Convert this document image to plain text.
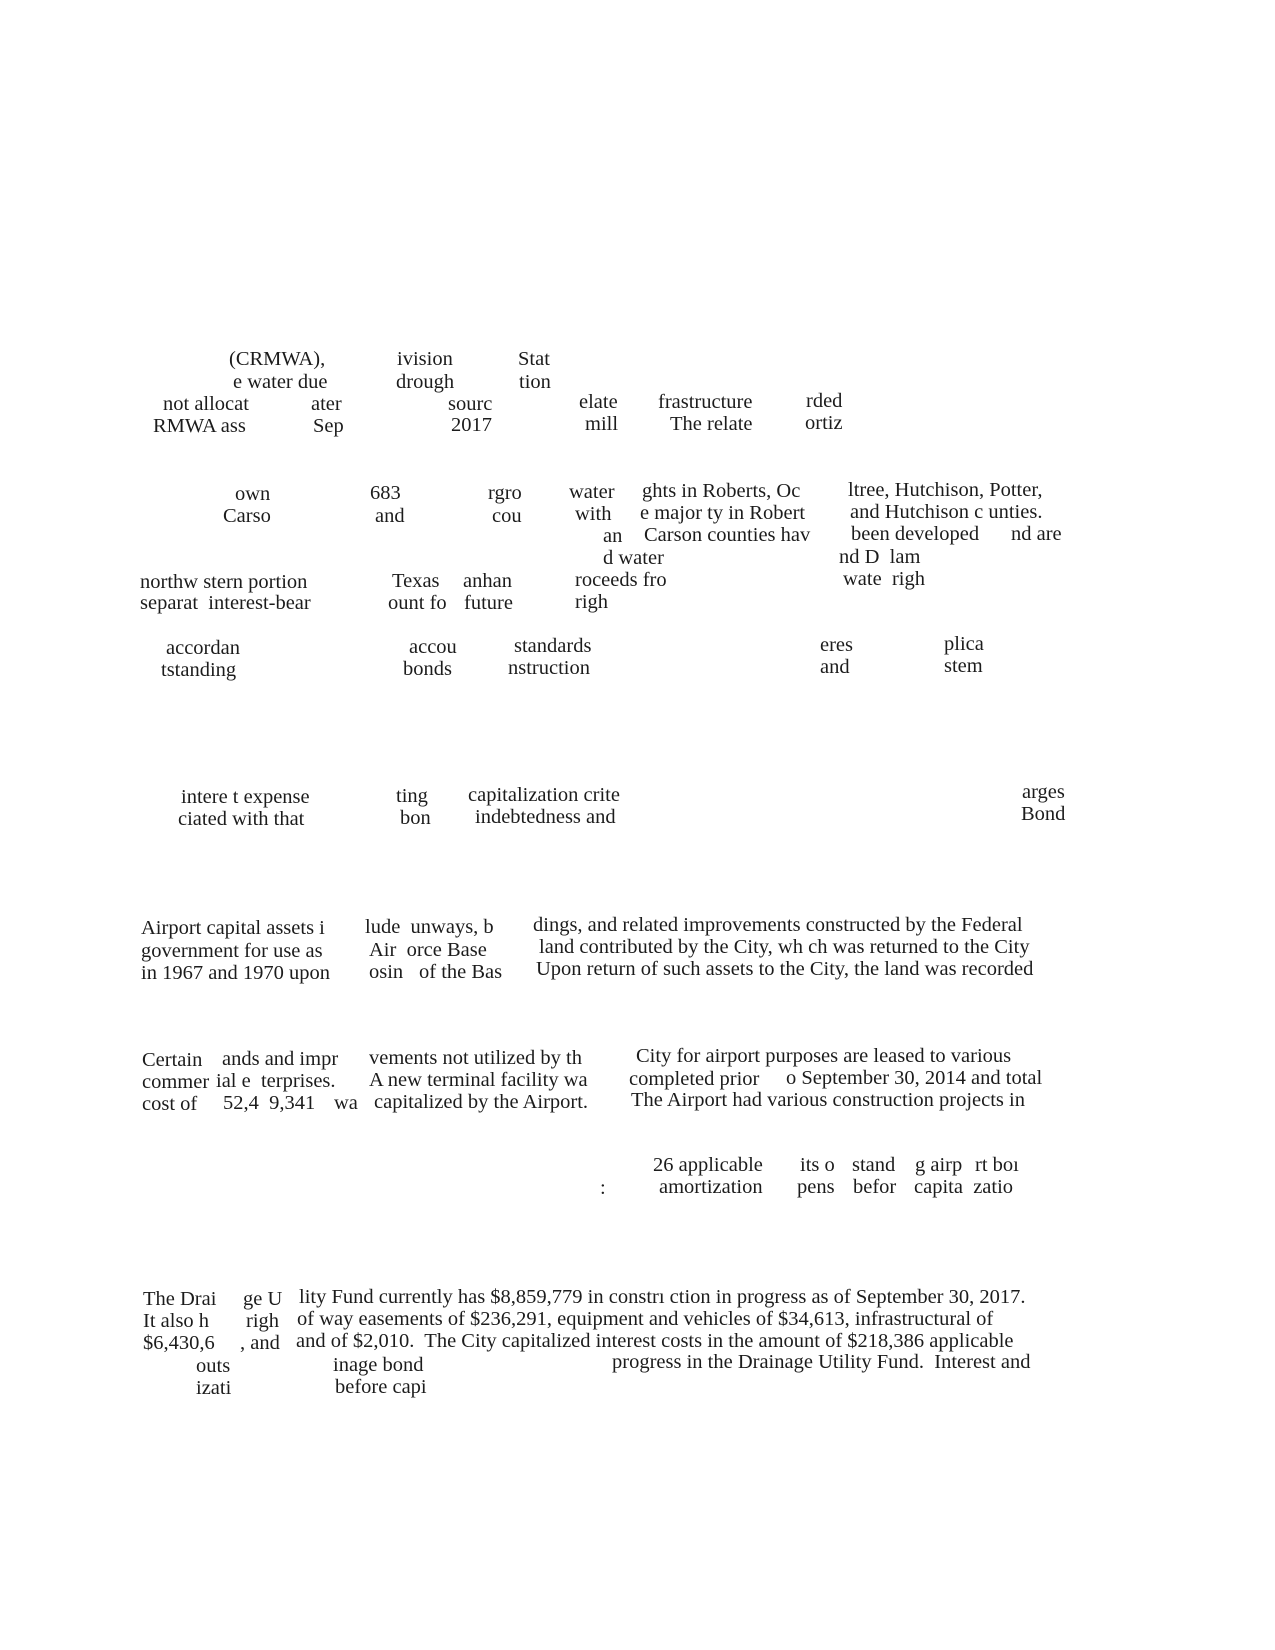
(CRMWA),	ivision	Stat
e water due	drough	tion
not allocat	ater	sourc	elate frastructure	rded
RMWA ass	Sep	2017	mill	The relate	ortiz
own	683	rgro water ghts in Roberts, Oc ltree, Hutchison, Potter,
Carso	and	cou	with e major ty in Robert and Hutchison c unties.
an Carson counties hav been developed nd are
d water	nd D  lam
northw stern portion	Texas anhan	roceeds fro	wate  righ
separat  interest-bear	ount fo future	righ
accordan	accou	standards	eres	plica
tstanding	bonds	nstruction	and	stem
intere t expense	ting capitalization crite	arges
ciated with that	bon indebtedness and	Bond
Airport capital assets i lude  unways, b dings, and related improvements constructed by the Federal
government for use as Air  orce Base	land contributed by the City, wh ch was returned to the City
in 1967 and 1970 upon osin of the Bas Upon return of such assets to the City, the land was recorded
Certain ands and impr vements not utilized by th	City for airport purposes are leased to various
commer ial e  terprises. A new terminal facility wa completed prior o September 30, 2014 and total
cost of 52,4  9,341 wa capitalized by the Airport. The Airport had various construction projects in
26 applicable its o stand g airp rt boı
:	amortization pens befor capita  zatio
The Drai ge U lity Fund currently has $8,859,779 in constrı ction in progress as of September 30, 2017.
It also h righ of way easements of $236,291, equipment and vehicles of $34,613, infrastructural of
$6,430,6 , and and of $2,010.  The City capitalized interest costs in the amount of $218,386 applicable
outs	inage bond	progress in the Drainage Utility Fund.  Interest and
izati	before capi
